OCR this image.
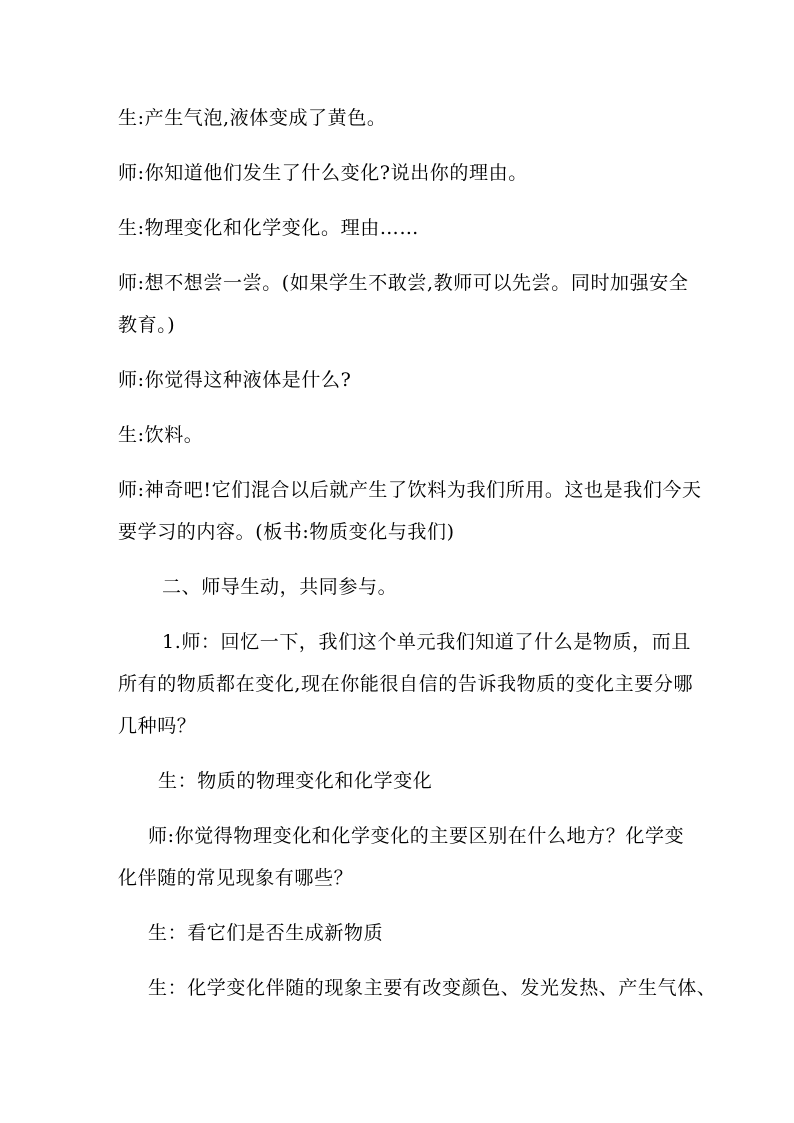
生:产生气泡,液体变成了黄色。
师:你知道他们发生了什么变化?说出你的理由。
生:物理变化和化学变化。理由……
师:想不想尝一尝。(如果学生不敢尝,教师可以先尝。同时加强安全
教育。)
师:你觉得这种液体是什么?
生:饮料。
师:神奇吧!它们混合以后就产生了饮料为我们所用。这也是我们今天
要学习的内容。(板书:物质变化与我们)
二、师导生动，共同参与。
1.师：回忆一下，我们这个单元我们知道了什么是物质，而且
所有的物质都在变化,现在你能很自信的告诉我物质的变化主要分哪
几种吗？
生：物质的物理变化和化学变化
师:你觉得物理变化和化学变化的主要区别在什么地方？化学变
化伴随的常见现象有哪些？
生：看它们是否生成新物质
生：化学变化伴随的现象主要有改变颜色、发光发热、产生气体、
